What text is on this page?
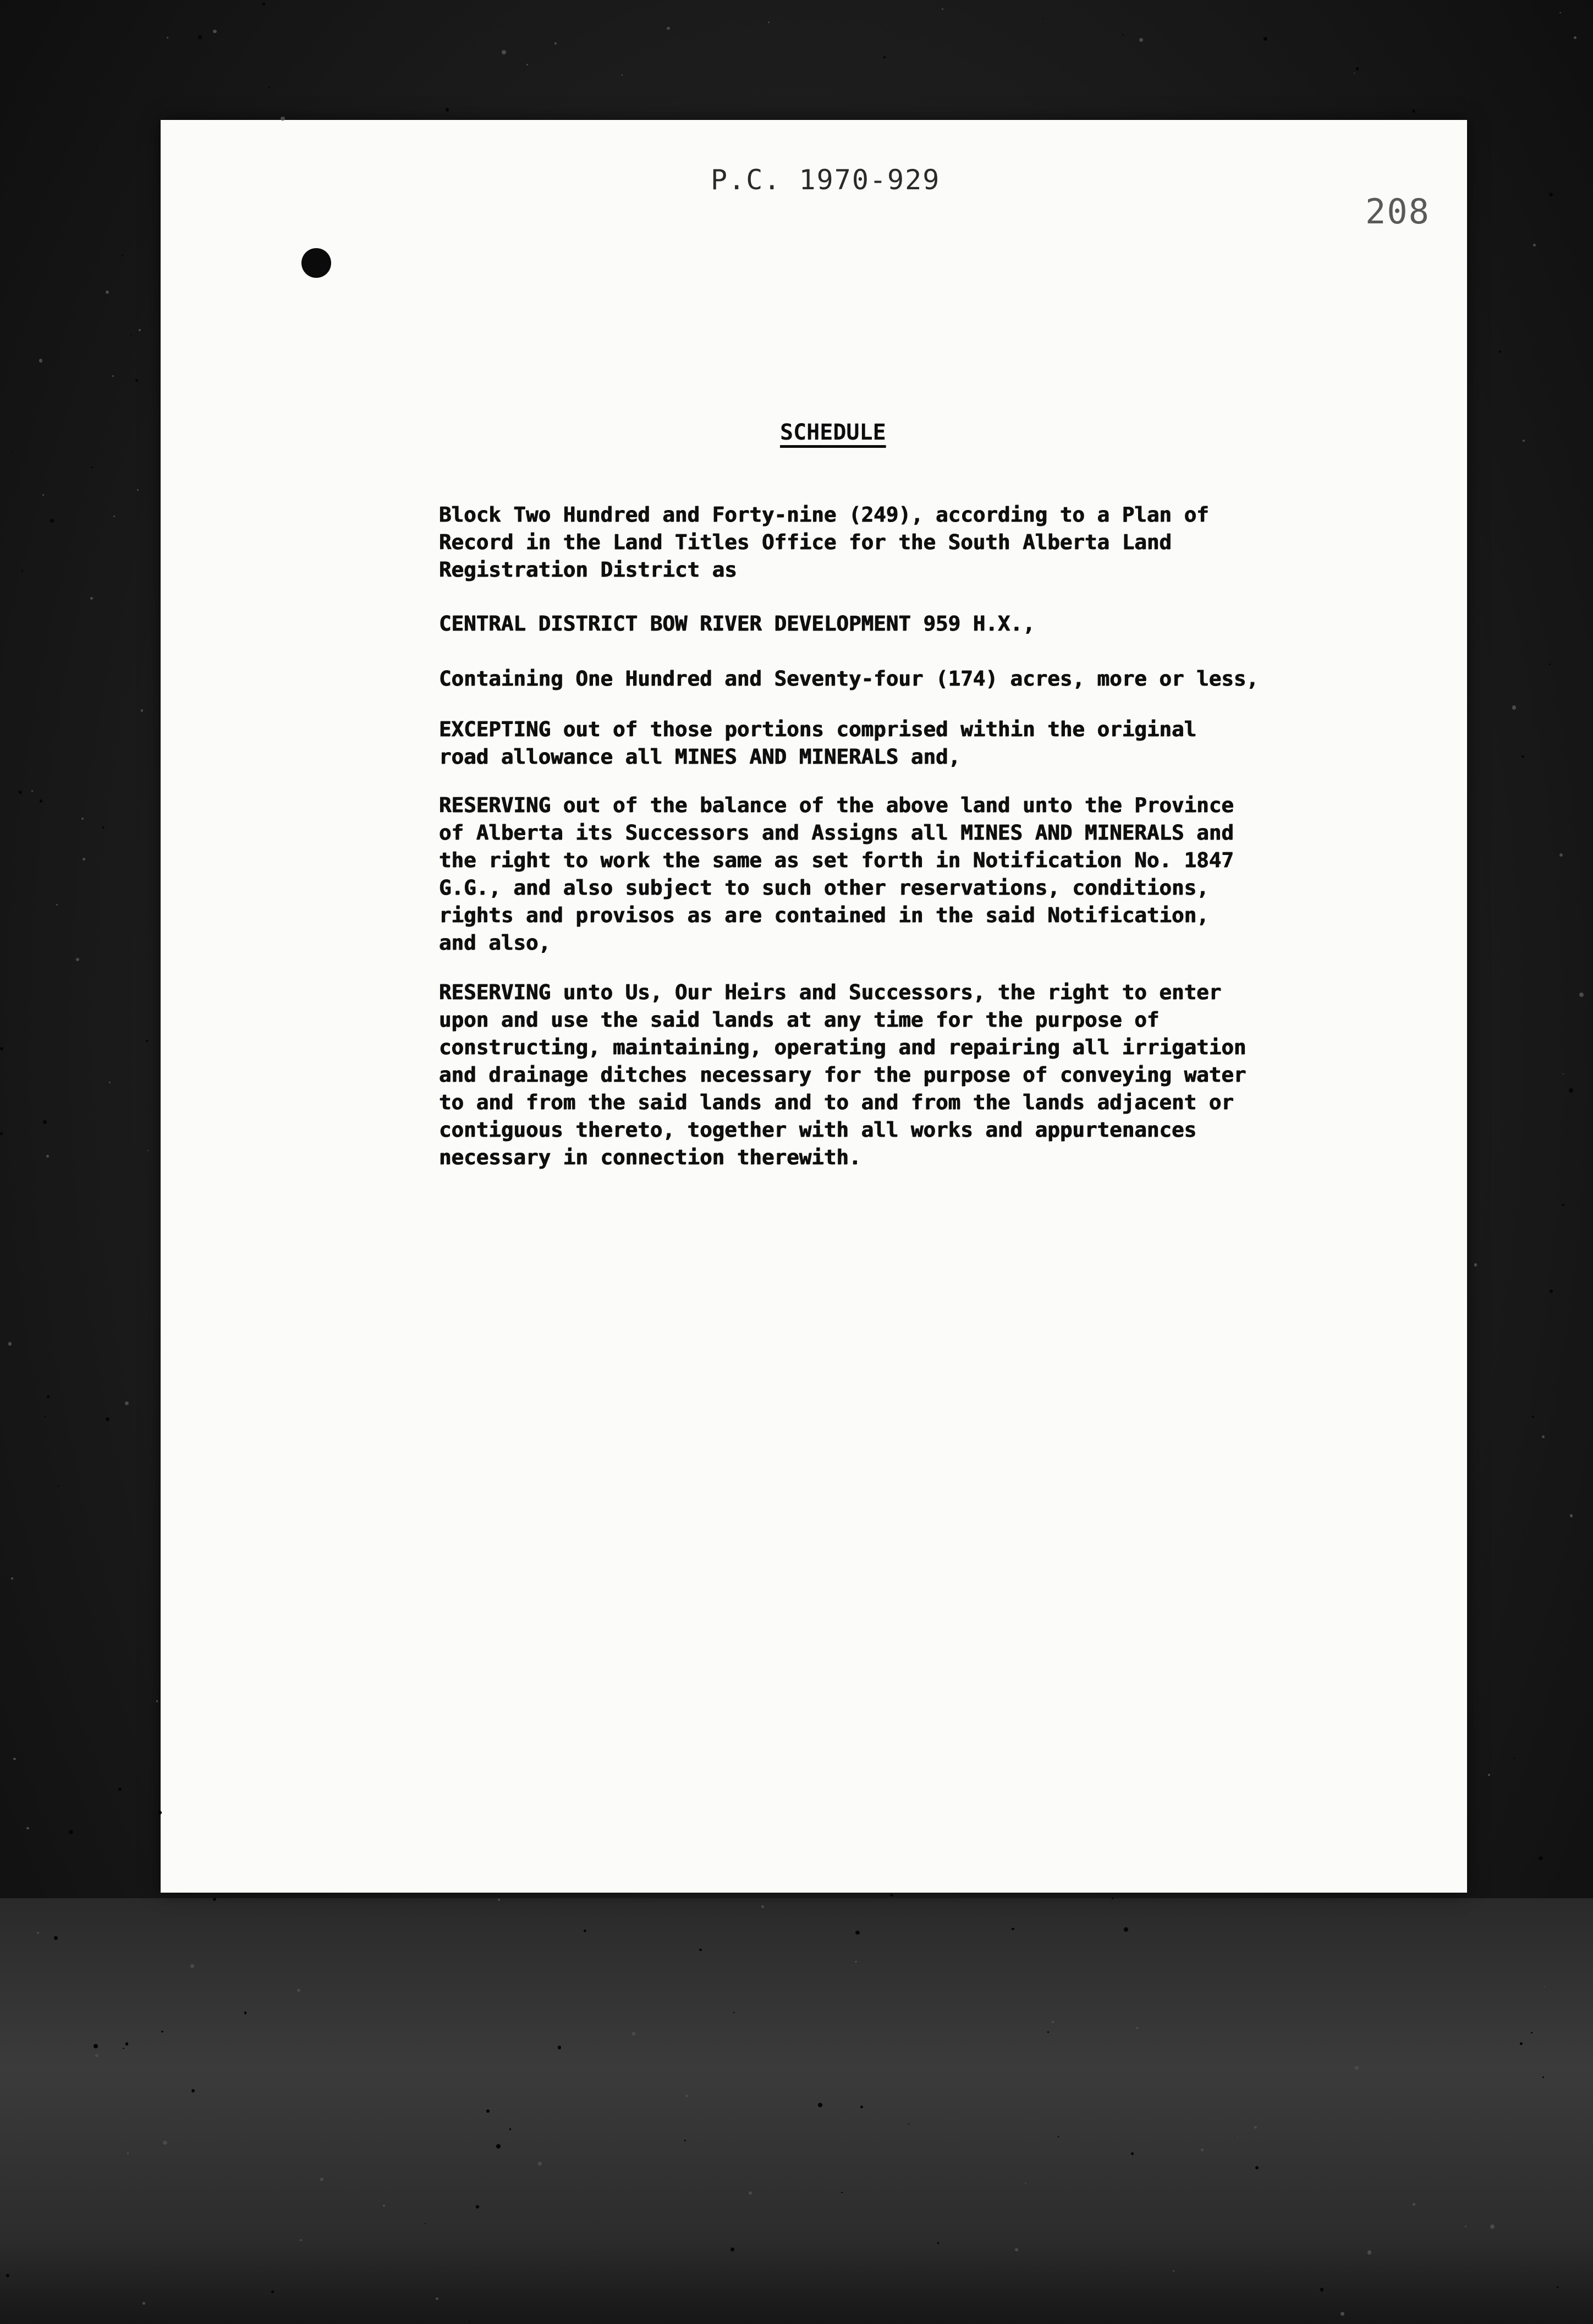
P.C. 1970-929
208
SCHEDULE
Block Two Hundred and Forty-nine (249), according to a Plan of
Record in the Land Titles Office for the South Alberta Land
Registration District as
CENTRAL DISTRICT BOW RIVER DEVELOPMENT 959 H.X.,
Containing One Hundred and Seventy-four (174) acres, more or less,
EXCEPTING out of those portions comprised within the original
road allowance all MINES AND MINERALS and,
RESERVING out of the balance of the above land unto the Province
of Alberta its Successors and Assigns all MINES AND MINERALS and
the right to work the same as set forth in Notification No. 1847
G.G., and also subject to such other reservations, conditions,
rights and provisos as are contained in the said Notification,
and also,
RESERVING unto Us, Our Heirs and Successors, the right to enter
upon and use the said lands at any time for the purpose of
constructing, maintaining, operating and repairing all irrigation
and drainage ditches necessary for the purpose of conveying water
to and from the said lands and to and from the lands adjacent or
contiguous thereto, together with all works and appurtenances
necessary in connection therewith.
